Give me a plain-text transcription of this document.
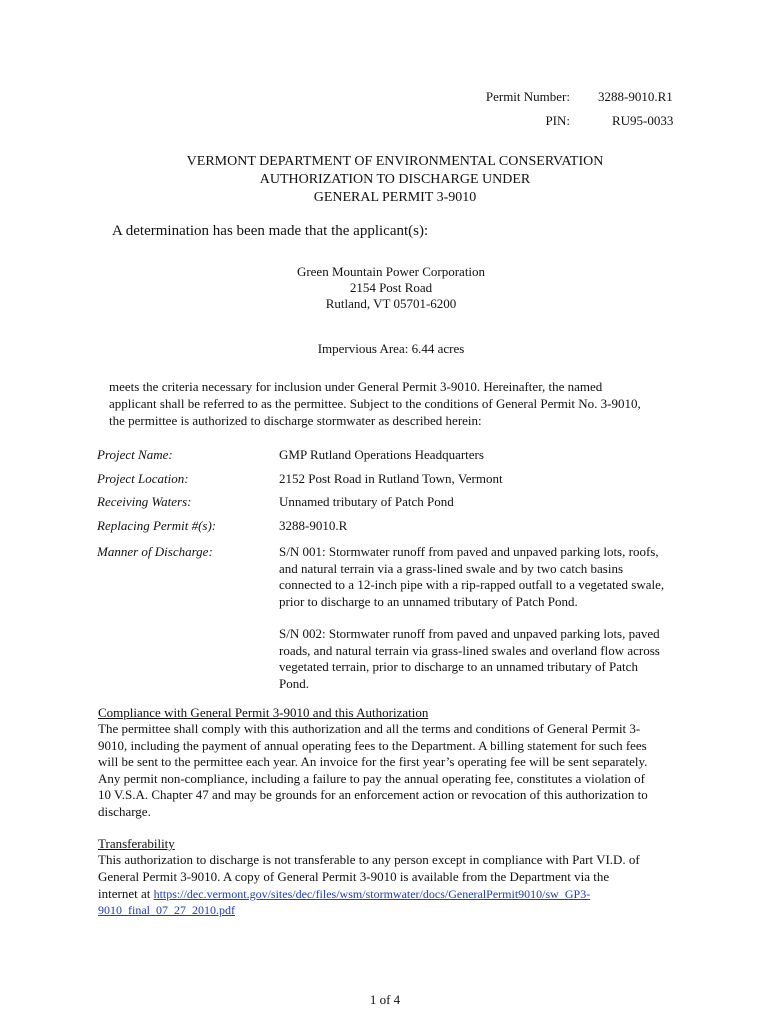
Permit Number: 3288-9010.R1
PIN:	RU95-0033
VERMONT DEPARTMENT OF ENVIRONMENTAL CONSERVATION
AUTHORIZATION TO DISCHARGE UNDER
GENERAL PERMIT 3-9010
A determination has been made that the applicant(s):
Green Mountain Power Corporation
2154 Post Road
Rutland, VT 05701-6200
Impervious Area: 6.44 acres
meets the criteria necessary for inclusion under General Permit 3-9010. Hereinafter, the named
applicant shall be referred to as the permittee. Subject to the conditions of General Permit No. 3-9010,
the permittee is authorized to discharge stormwater as described herein:
Project Name:	GMP Rutland Operations Headquarters
Project Location:	2152 Post Road in Rutland Town, Vermont
Receiving Waters:	Unnamed tributary of Patch Pond
Replacing Permit #(s):	3288-9010.R
Manner of Discharge:	S/N 001: Stormwater runoff from paved and unpaved parking lots, roofs,
and natural terrain via a grass-lined swale and by two catch basins
connected to a 12-inch pipe with a rip-rapped outfall to a vegetated swale,
prior to discharge to an unnamed tributary of Patch Pond.
S/N 002: Stormwater runoff from paved and unpaved parking lots, paved
roads, and natural terrain via grass-lined swales and overland flow across
vegetated terrain, prior to discharge to an unnamed tributary of Patch
Pond.
Compliance with General Permit 3-9010 and this Authorization
The permittee shall comply with this authorization and all the terms and conditions of General Permit 3-
9010, including the payment of annual operating fees to the Department. A billing statement for such fees
will be sent to the permittee each year. An invoice for the first year’s operating fee will be sent separately.
Any permit non-compliance, including a failure to pay the annual operating fee, constitutes a violation of
10 V.S.A. Chapter 47 and may be grounds for an enforcement action or revocation of this authorization to
discharge.
Transferability
This authorization to discharge is not transferable to any person except in compliance with Part VI.D. of
General Permit 3-9010. A copy of General Permit 3-9010 is available from the Department via the
internet at https://dec.vermont.gov/sites/dec/files/wsm/stormwater/docs/GeneralPermit9010/sw_GP3-
9010_final_07_27_2010.pdf
1 of 4
